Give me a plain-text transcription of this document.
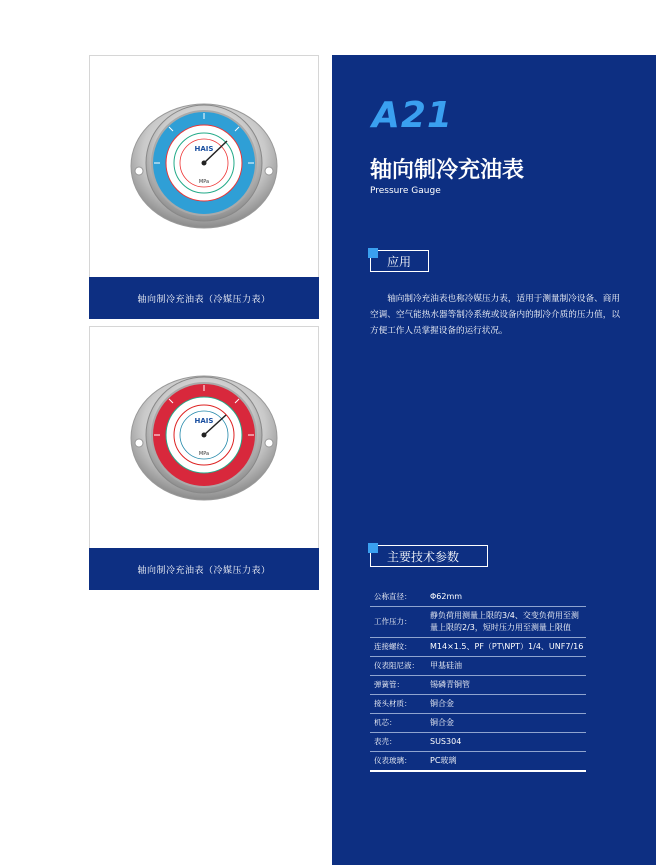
HAIS
MPa
轴向制冷充油表（冷媒压力表）
HAIS
MPa
轴向制冷充油表（冷媒压力表）
A21
轴向制冷充油表
Pressure Gauge
应用
轴向制冷充油表也称冷媒压力表，适用于测量制冷设备、商用空调、空气能热水器等制冷系统或设备内的制冷介质的压力值，以方便工作人员掌握设备的运行状况。
主要技术参数
公称直径：	Φ62mm
工作压力：	静负荷用测量上限的3/4、交变负荷用至测量上限的2/3，短时压力用至测量上限值
连接螺纹：	M14×1.5、PF（PT\NPT）1/4、UNF7/16
仪表阻尼液：	甲基硅油
弹簧管：	锡磷青铜管
接头材质：	铜合金
机芯：	铜合金
表壳：	SUS304
仪表玻璃：	PC玻璃
